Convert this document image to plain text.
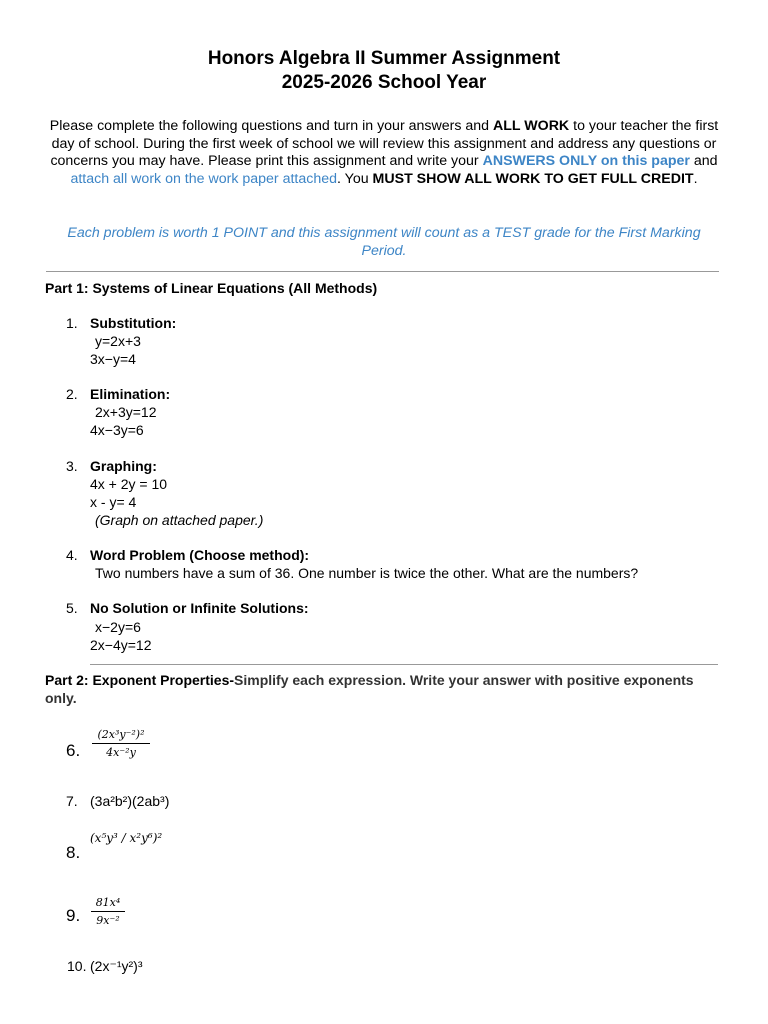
Honors Algebra II Summer Assignment
2025-2026 School Year
Please complete the following questions and turn in your answers and ALL WORK to your teacher the first day of school. During the first week of school we will review this assignment and address any questions or concerns you may have. Please print this assignment and write your ANSWERS ONLY on this paper and attach all work on the work paper attached. You MUST SHOW ALL WORK TO GET FULL CREDIT.
Each problem is worth 1 POINT and this assignment will count as a TEST grade for the First Marking Period.
Part 1: Systems of Linear Equations (All Methods)
1. Substitution:
y=2x+3
3x−y=4
2. Elimination:
2x+3y=12
4x−3y=6
3. Graphing:
4x + 2y = 10
x - y= 4
(Graph on attached paper.)
4. Word Problem (Choose method):
Two numbers have a sum of 36. One number is twice the other. What are the numbers?
5. No Solution or Infinite Solutions:
x−2y=6
2x−4y=12
Part 2: Exponent Properties-Simplify each expression. Write your answer with positive exponents only.
6.
(2x³y⁻²)²
4x⁻²y
7. (3a²b²)(2ab³)
8.
(x⁵y³ / x²y⁶)²
9.
81x⁴
9x⁻²
10. (2x⁻¹y²)³
